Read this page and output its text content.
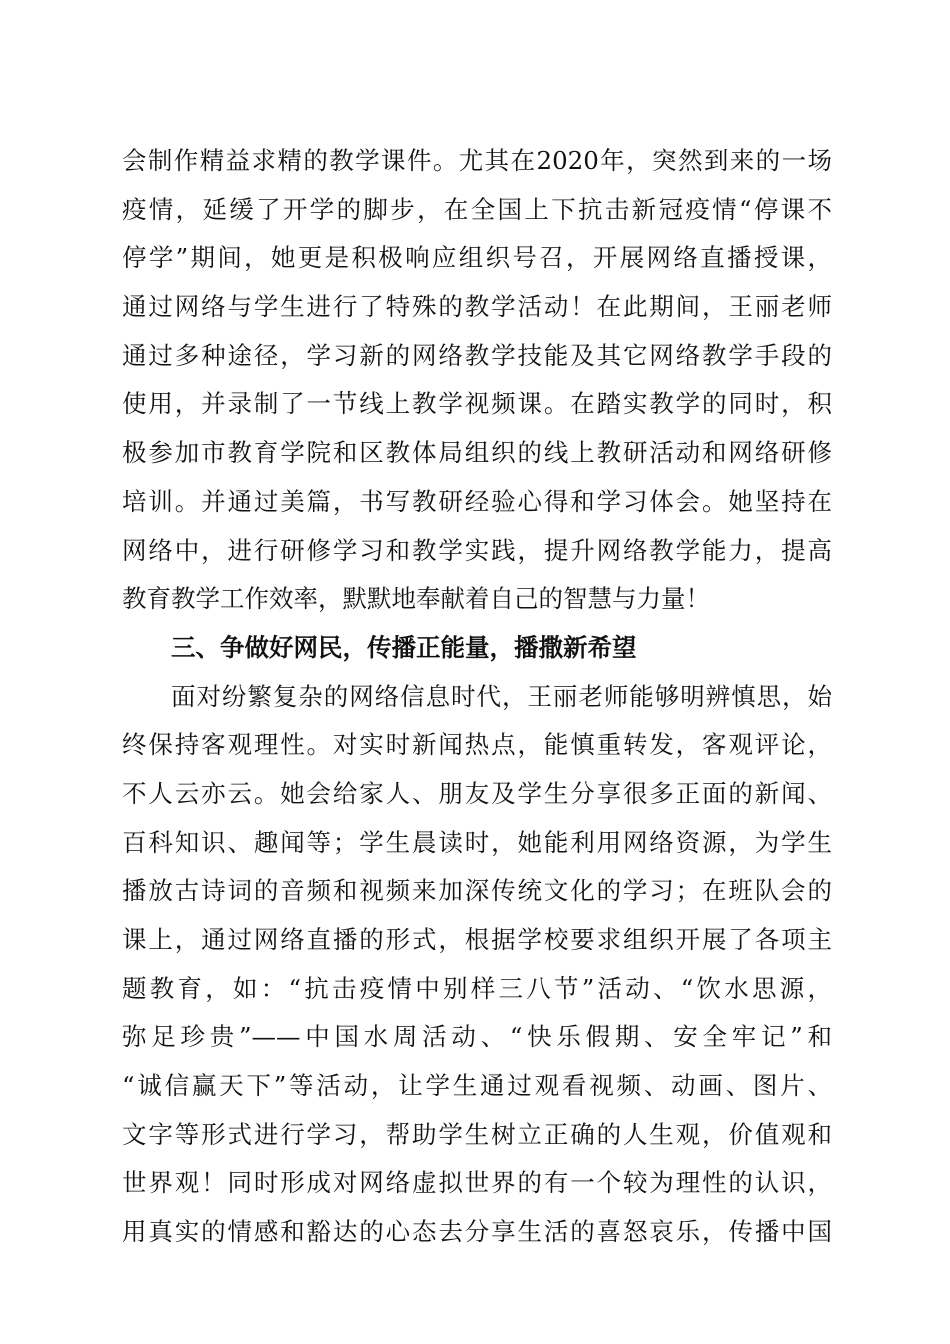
会制作精益求精的教学课件。尤其在2020年，突然到来的一场
疫情，延缓了开学的脚步，在全国上下抗击新冠疫情“停课不
停学”期间，她更是积极响应组织号召，开展网络直播授课，
通过网络与学生进行了特殊的教学活动！在此期间，王丽老师
通过多种途径，学习新的网络教学技能及其它网络教学手段的
使用，并录制了一节线上教学视频课。在踏实教学的同时，积
极参加市教育学院和区教体局组织的线上教研活动和网络研修
培训。并通过美篇，书写教研经验心得和学习体会。她坚持在
网络中，进行研修学习和教学实践，提升网络教学能力，提高
教育教学工作效率，默默地奉献着自己的智慧与力量！
三、争做好网民，传播正能量，播撒新希望
面对纷繁复杂的网络信息时代，王丽老师能够明辨慎思，始
终保持客观理性。对实时新闻热点，能慎重转发，客观评论，
不人云亦云。她会给家人、朋友及学生分享很多正面的新闻、
百科知识、趣闻等；学生晨读时，她能利用网络资源，为学生
播放古诗词的音频和视频来加深传统文化的学习；在班队会的
课上，通过网络直播的形式，根据学校要求组织开展了各项主
题教育，如：“抗击疫情中别样三八节”活动、“饮水思源，
弥足珍贵”——中国水周活动、“快乐假期、安全牢记”和
“诚信赢天下”等活动，让学生通过观看视频、动画、图片、
文字等形式进行学习，帮助学生树立正确的人生观，价值观和
世界观！同时形成对网络虚拟世界的有一个较为理性的认识，
用真实的情感和豁达的心态去分享生活的喜怒哀乐，传播中国
